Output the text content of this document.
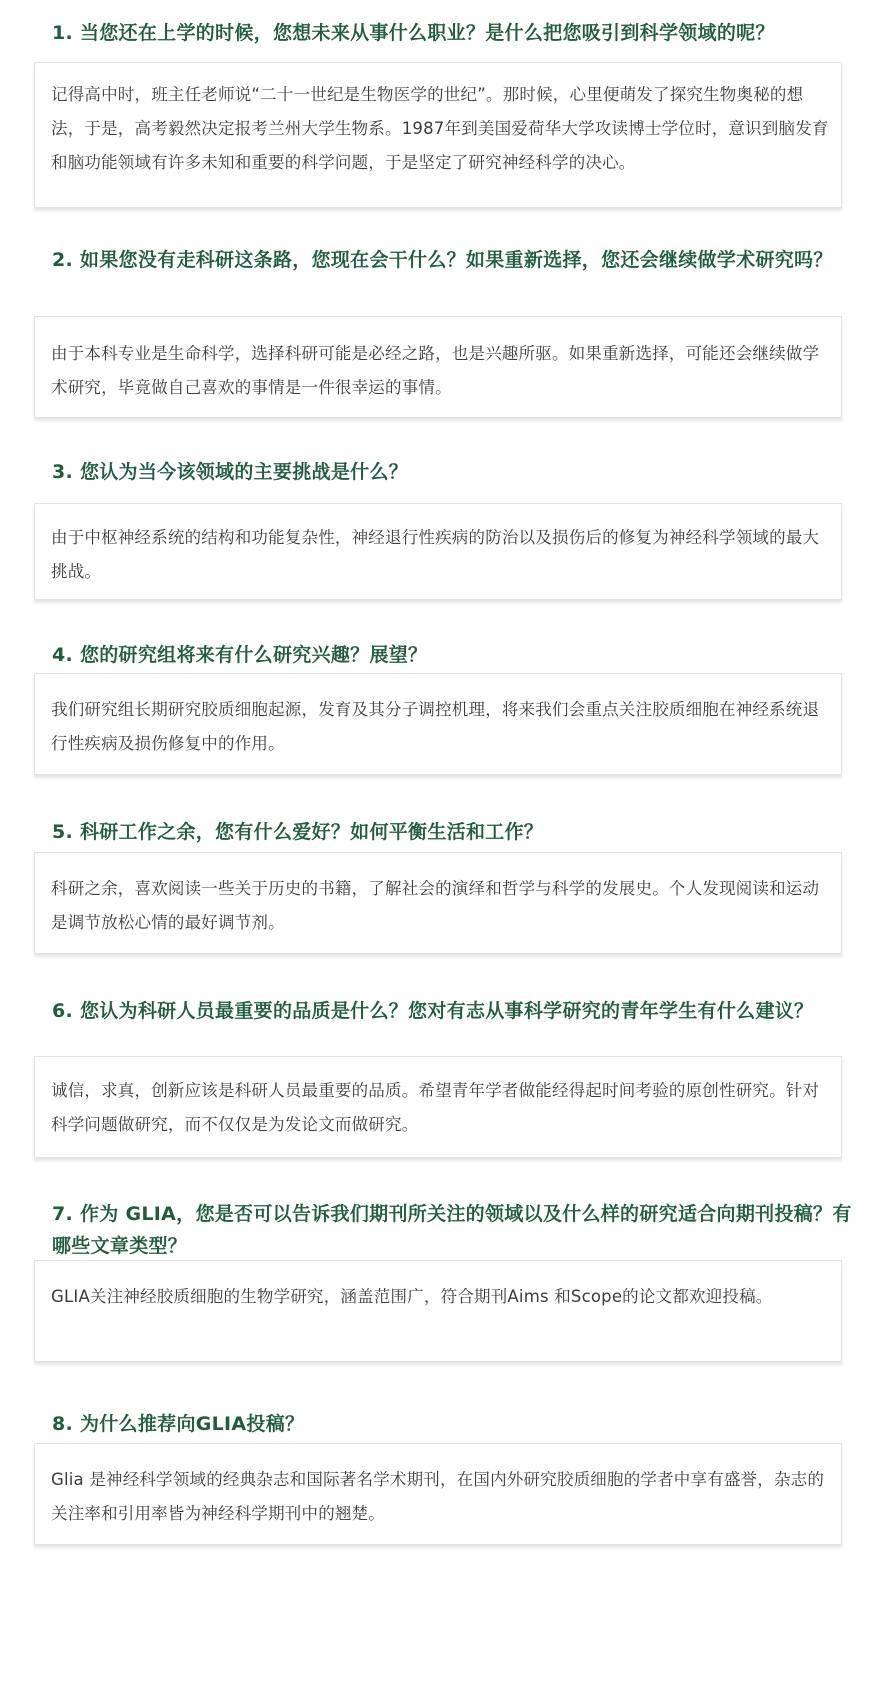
1. 当您还在上学的时候，您想未来从事什么职业？是什么把您吸引到科学领域的呢？

记得高中时，班主任老师说“二十一世纪是生物医学的世纪”。那时候，心里便萌发了探究生物奥秘的想法，于是，高考毅然决定报考兰州大学生物系。1987年到美国爱荷华大学攻读博士学位时，意识到脑发育和脑功能领域有许多未知和重要的科学问题，于是坚定了研究神经科学的决心。

2. 如果您没有走科研这条路，您现在会干什么？如果重新选择，您还会继续做学术研究吗？

由于本科专业是生命科学，选择科研可能是必经之路，也是兴趣所驱。如果重新选择，可能还会继续做学术研究，毕竟做自己喜欢的事情是一件很幸运的事情。

3. 您认为当今该领域的主要挑战是什么？

由于中枢神经系统的结构和功能复杂性，神经退行性疾病的防治以及损伤后的修复为神经科学领域的最大挑战。

4. 您的研究组将来有什么研究兴趣？展望？

我们研究组长期研究胶质细胞起源，发育及其分子调控机理，将来我们会重点关注胶质细胞在神经系统退行性疾病及损伤修复中的作用。

5. 科研工作之余，您有什么爱好？如何平衡生活和工作？

科研之余，喜欢阅读一些关于历史的书籍，了解社会的演绎和哲学与科学的发展史。个人发现阅读和运动是调节放松心情的最好调节剂。

6. 您认为科研人员最重要的品质是什么？您对有志从事科学研究的青年学生有什么建议？

诚信，求真，创新应该是科研人员最重要的品质。希望青年学者做能经得起时间考验的原创性研究。针对科学问题做研究，而不仅仅是为发论文而做研究。

7. 作为 GLIA，您是否可以告诉我们期刊所关注的领域以及什么样的研究适合向期刊投稿？有哪些文章类型？

GLIA关注神经胶质细胞的生物学研究，涵盖范围广，符合期刊Aims 和Scope的论文都欢迎投稿。

8. 为什么推荐向GLIA投稿？

Glia 是神经科学领域的经典杂志和国际著名学术期刊，在国内外研究胶质细胞的学者中享有盛誉，杂志的关注率和引用率皆为神经科学期刊中的翘楚。
